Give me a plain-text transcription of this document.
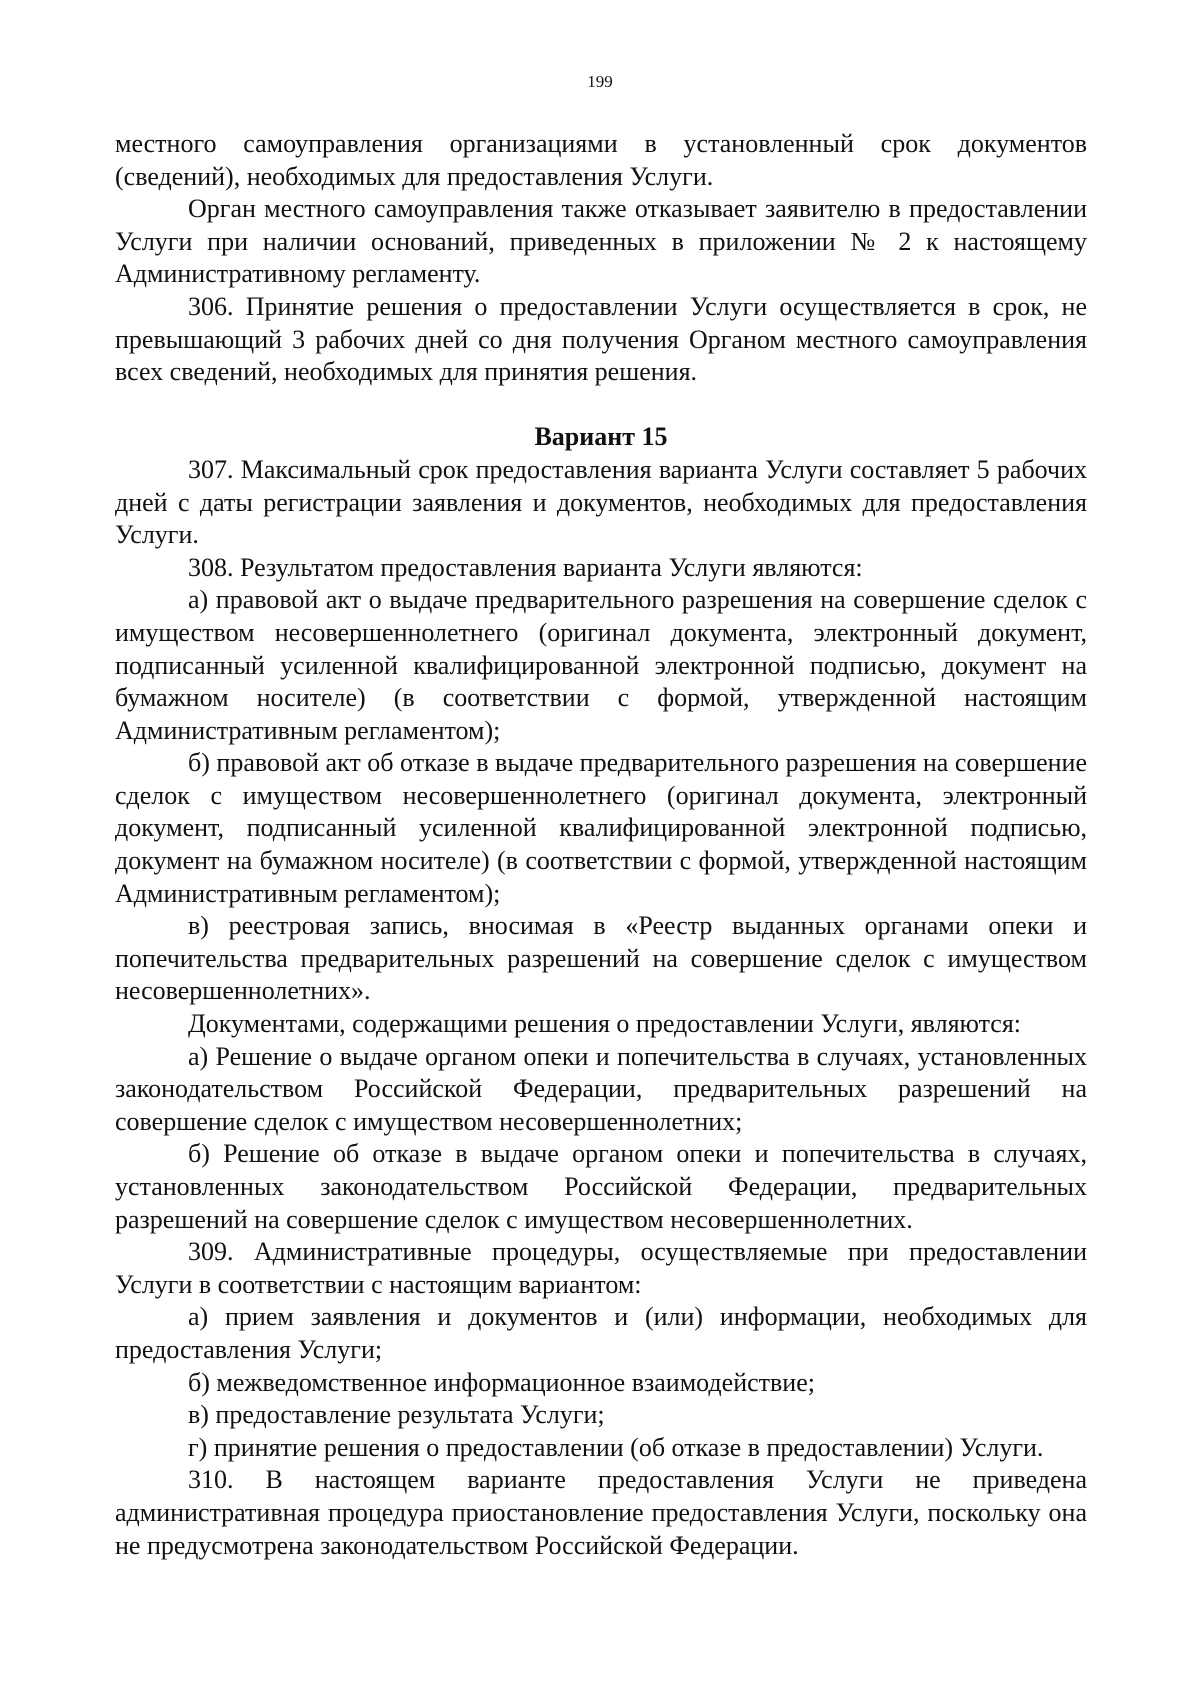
199

местного самоуправления организациями в установленный срок документов (сведений), необходимых для предоставления Услуги.

Орган местного самоуправления также отказывает заявителю в предоставлении Услуги при наличии оснований, приведенных в приложении № 2 к настоящему Административному регламенту.

306. Принятие решения о предоставлении Услуги осуществляется в срок, не превышающий 3 рабочих дней со дня получения Органом местного самоуправления всех сведений, необходимых для принятия решения.

Вариант 15

307. Максимальный срок предоставления варианта Услуги составляет 5 рабочих дней с даты регистрации заявления и документов, необходимых для предоставления Услуги.

308. Результатом предоставления варианта Услуги являются:

а) правовой акт о выдаче предварительного разрешения на совершение сделок с имуществом несовершеннолетнего (оригинал документа, электронный документ, подписанный усиленной квалифицированной электронной подписью, документ на бумажном носителе) (в соответствии с формой, утвержденной настоящим Административным регламентом);

б) правовой акт об отказе в выдаче предварительного разрешения на совершение сделок с имуществом несовершеннолетнего (оригинал документа, электронный документ, подписанный усиленной квалифицированной электронной подписью, документ на бумажном носителе) (в соответствии с формой, утвержденной настоящим Административным регламентом);

в) реестровая запись, вносимая в «Реестр выданных органами опеки и попечительства предварительных разрешений на совершение сделок с имуществом несовершеннолетних».

Документами, содержащими решения о предоставлении Услуги, являются:

а) Решение о выдаче органом опеки и попечительства в случаях, установленных законодательством Российской Федерации, предварительных разрешений на совершение сделок с имуществом несовершеннолетних;

б) Решение об отказе в выдаче органом опеки и попечительства в случаях, установленных законодательством Российской Федерации, предварительных разрешений на совершение сделок с имуществом несовершеннолетних.

309. Административные процедуры, осуществляемые при предоставлении Услуги в соответствии с настоящим вариантом:

а) прием заявления и документов и (или) информации, необходимых для предоставления Услуги;

б) межведомственное информационное взаимодействие;

в) предоставление результата Услуги;

г) принятие решения о предоставлении (об отказе в предоставлении) Услуги.

310. В настоящем варианте предоставления Услуги не приведена административная процедура приостановление предоставления Услуги, поскольку она не предусмотрена законодательством Российской Федерации.
